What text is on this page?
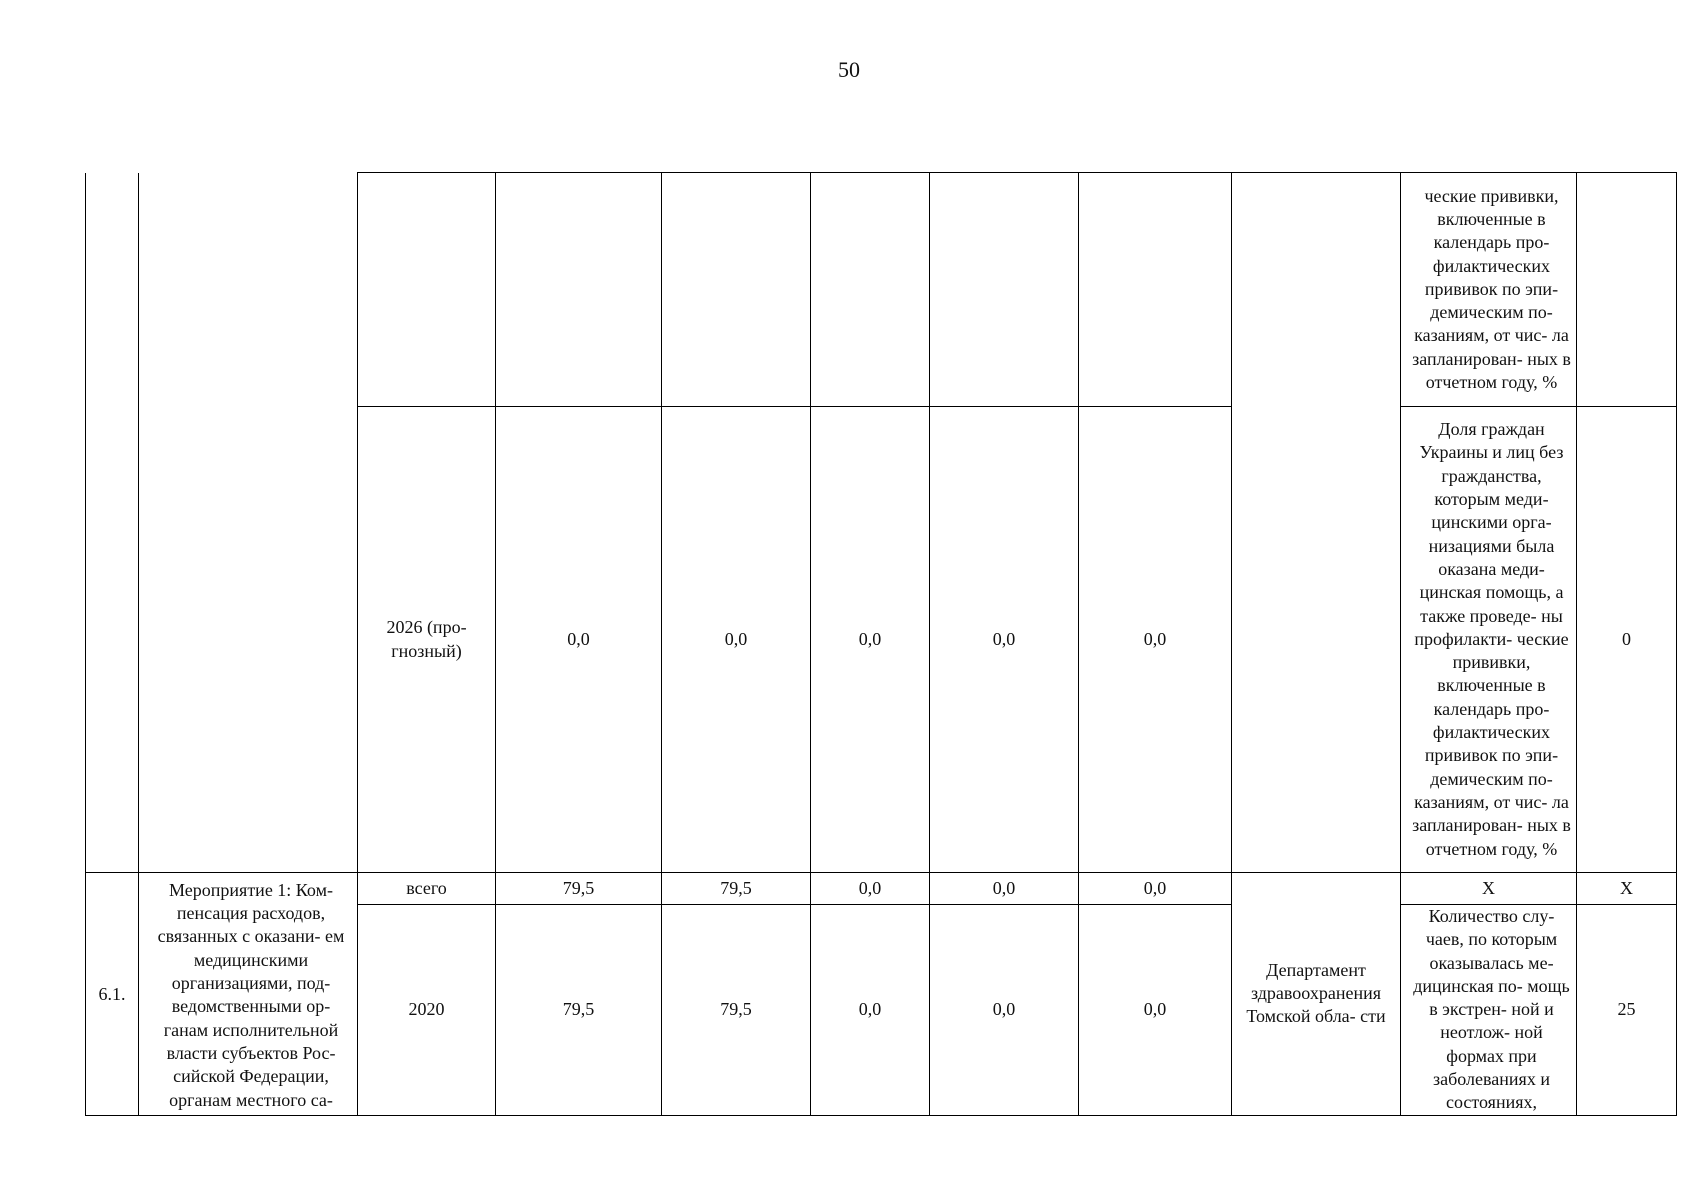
50
									ческие прививки, включенные в календарь про- филактических прививок по эпи- демическим по- казаниям, от чис- ла запланирован- ных в отчетном году, %	
		2026 (про- гнозный)	0,0	0,0	0,0	0,0	0,0		Доля граждан Украины и лиц без гражданства, которым меди- цинскими орга- низациями была оказана меди- цинская помощь, а также проведе- ны профилакти- ческие прививки, включенные в календарь про- филактических прививок по эпи- демическим по- казаниям, от чис- ла запланирован- ных в отчетном году, %	0
6.1.	Мероприятие 1: Ком- пенсация расходов, связанных с оказани- ем медицинскими организациями, под- ведомственными ор- ганам исполнительной власти субъектов Рос- сийской Федерации, органам местного са-	всего	79,5	79,5	0,0	0,0	0,0	Департамент здравоохранения Томской обла- сти	Х	Х
		2020	79,5	79,5	0,0	0,0	0,0		Количество слу- чаев, по которым оказывалась ме- дицинская по- мощь в экстрен- ной и неотлож- ной формах при заболеваниях и состояниях,	25
